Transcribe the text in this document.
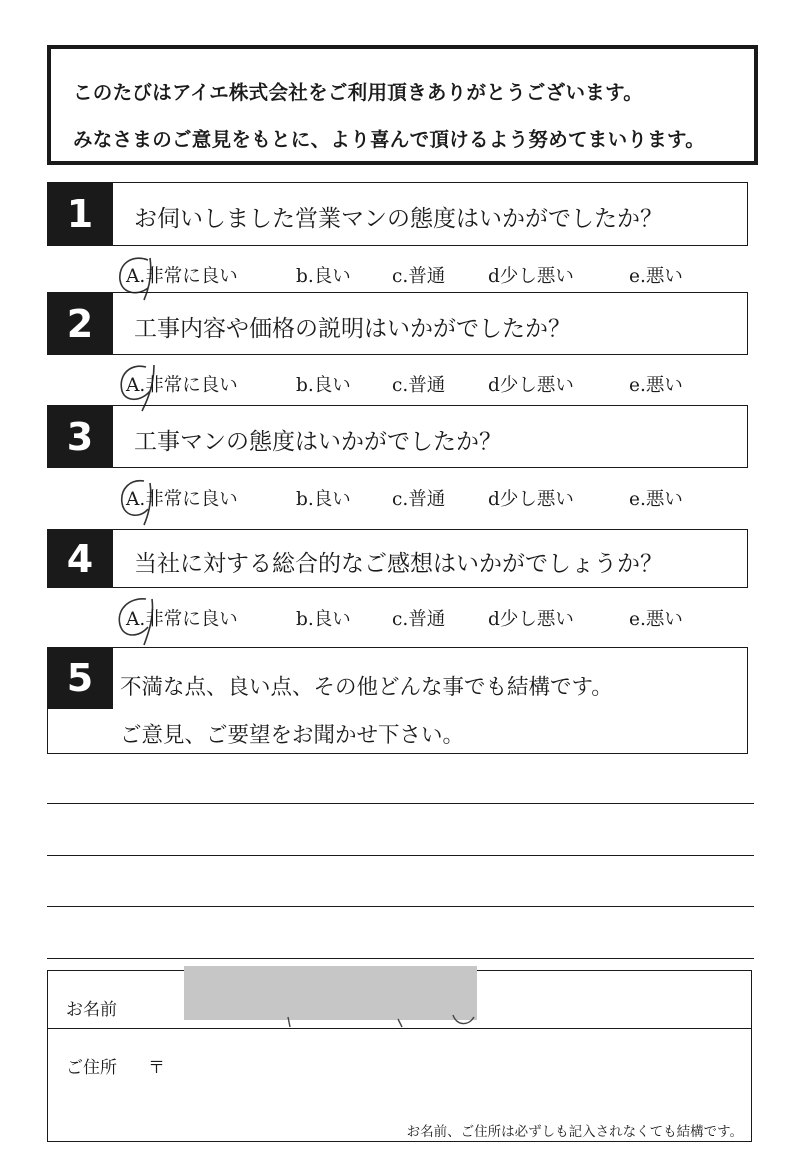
このたびはアイエ株式会社をご利用頂きありがとうございます。
みなさまのご意見をもとに、より喜んで頂けるよう努めてまいります。
1	お伺いしました営業マンの態度はいかがでしたか？
A.非常に良い	b.良い c.普通 d少し悪い	e.悪い
2	工事内容や価格の説明はいかがでしたか？
A.非常に良い	b.良い c.普通 d少し悪い	e.悪い
3	工事マンの態度はいかがでしたか？
A.非常に良い	b.良い c.普通 d少し悪い	e.悪い
4	当社に対する総合的なご感想はいかがでしょうか？
A.非常に良い	b.良い c.普通 d少し悪い	e.悪い
5	不満な点、良い点、その他どんな事でも結構です。
ご意見、ご要望をお聞かせ下さい。
お名前
ご住所 〒
お名前、ご住所は必ずしも記入されなくても結構です。
